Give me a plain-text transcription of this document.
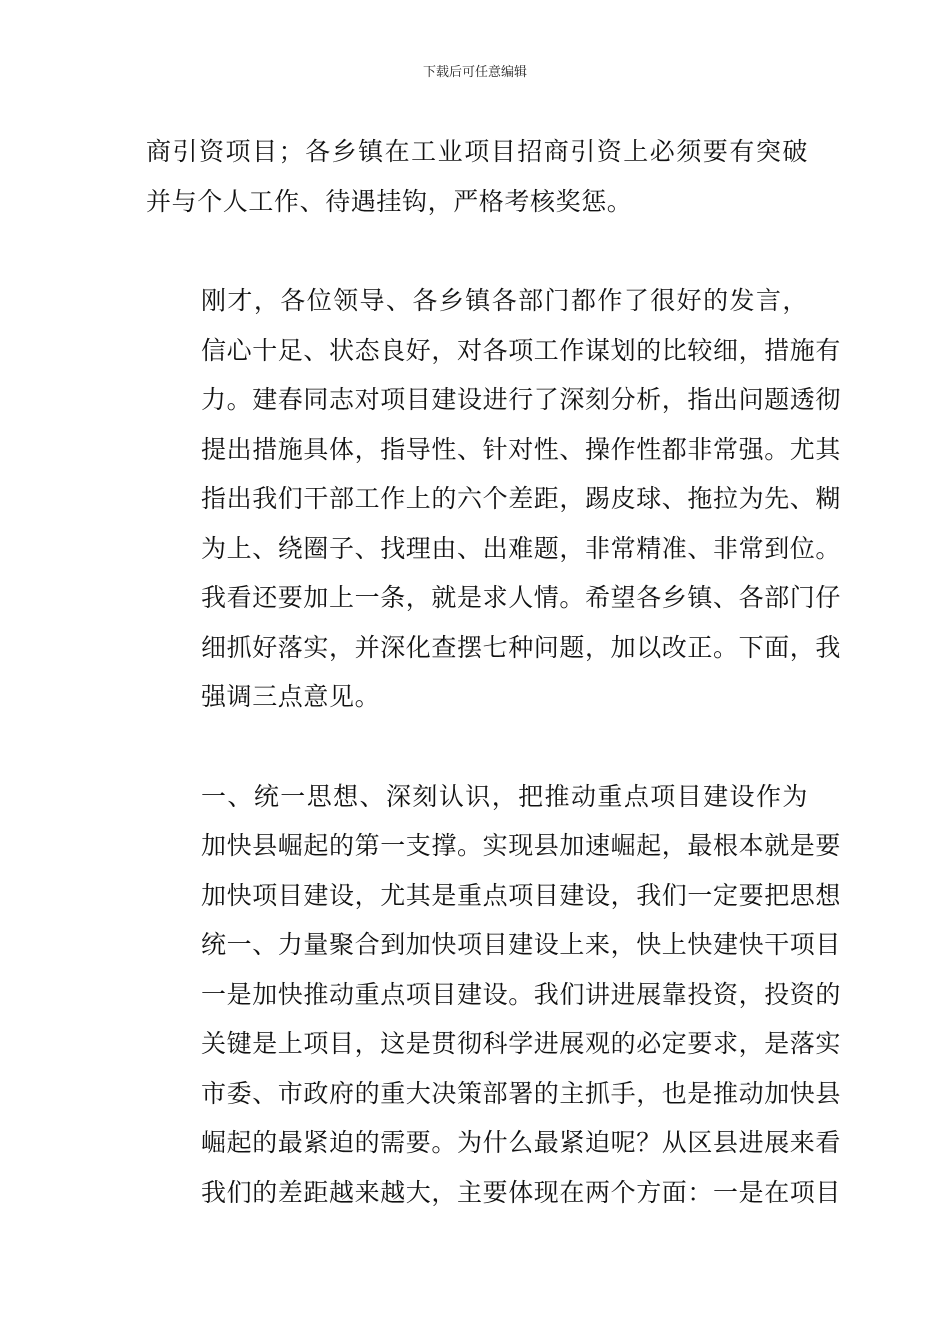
下载后可任意编辑

商引资项目；各乡镇在工业项目招商引资上必须要有突破
并与个人工作、待遇挂钩，严格考核奖惩。

刚才，各位领导、各乡镇各部门都作了很好的发言，
信心十足、状态良好，对各项工作谋划的比较细，措施有
力。建春同志对项目建设进行了深刻分析，指出问题透彻
提出措施具体，指导性、针对性、操作性都非常强。尤其
指出我们干部工作上的六个差距，踢皮球、拖拉为先、糊
为上、绕圈子、找理由、出难题，非常精准、非常到位。
我看还要加上一条，就是求人情。希望各乡镇、各部门仔
细抓好落实，并深化查摆七种问题，加以改正。下面，我
强调三点意见。

一、统一思想、深刻认识，把推动重点项目建设作为
加快县崛起的第一支撑。实现县加速崛起，最根本就是要
加快项目建设，尤其是重点项目建设，我们一定要把思想
统一、力量聚合到加快项目建设上来，快上快建快干项目
一是加快推动重点项目建设。我们讲进展靠投资，投资的
关键是上项目，这是贯彻科学进展观的必定要求，是落实
市委、市政府的重大决策部署的主抓手，也是推动加快县
崛起的最紧迫的需要。为什么最紧迫呢？从区县进展来看
我们的差距越来越大，主要体现在两个方面：一是在项目
